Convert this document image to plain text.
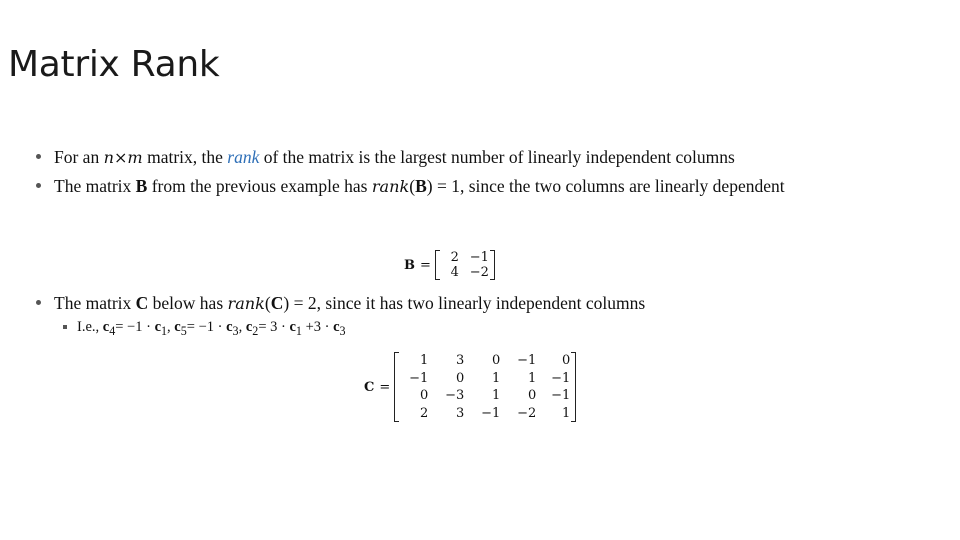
Matrix Rank
For an n×m matrix, the rank of the matrix is the largest number of linearly independent columns
The matrix B from the previous example has rank(B) = 1, since the two columns are linearly dependent
B =	2 −1
4 −2
The matrix C below has rank(C) = 2, since it has two linearly independent columns
I.e., $c_4= -1 \cdot c_1$, $c_5= -1 \cdot c_3$, $c_2= 3 \cdot c_1 +3 \cdot c_3$
C =
1	3	0	−1	0
−1	0	1	1	−1
0	−3	1	0	−1
2	3	−1	−2	1
